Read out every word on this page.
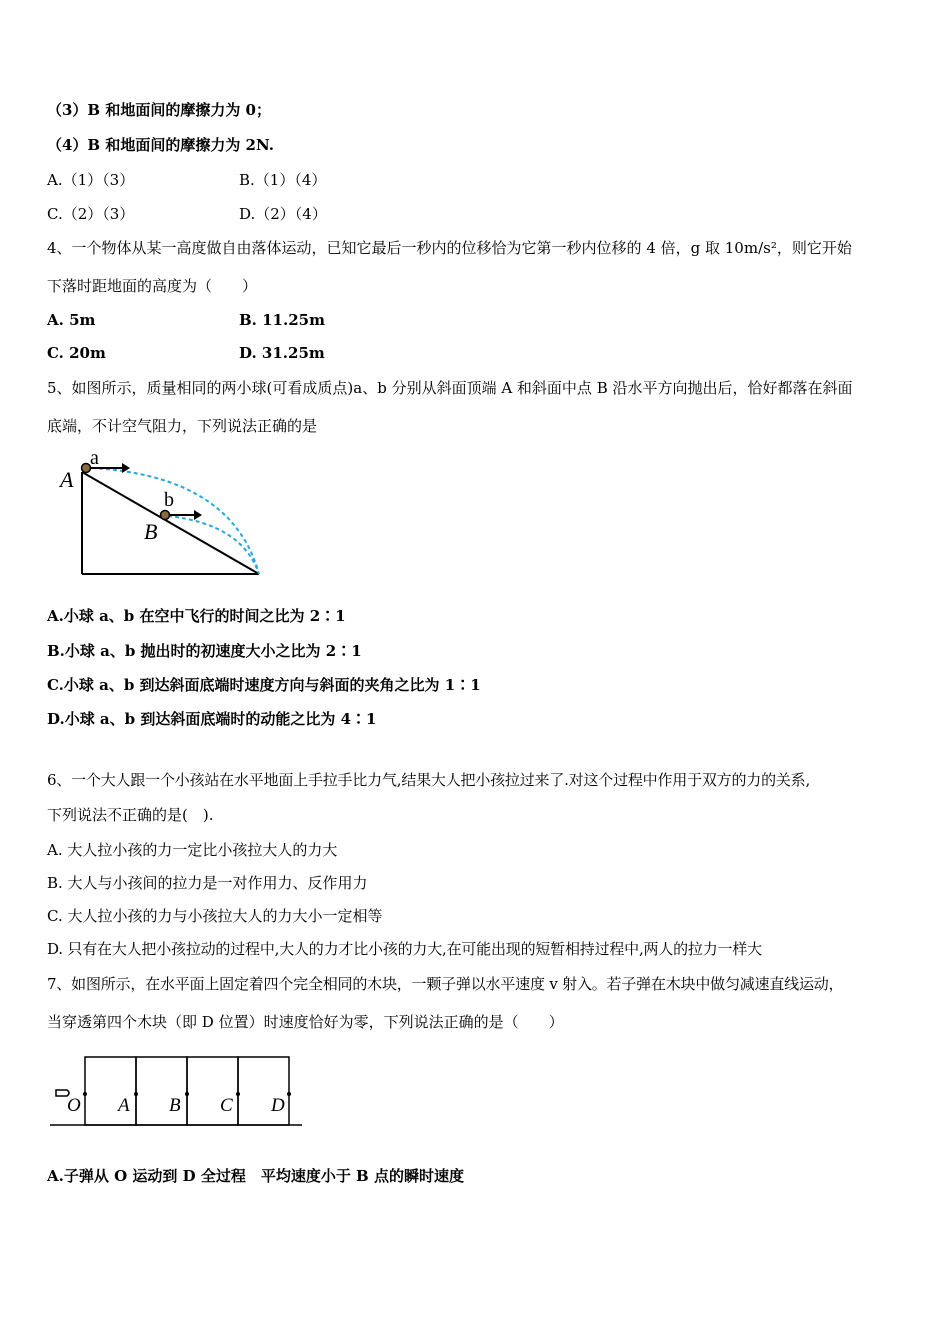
（3）B 和地面间的摩擦力为 0；
（4）B 和地面间的摩擦力为 2N.
A.（1）（3）	B.（1）（4）
C.（2）（3）	D.（2）（4）
4、一个物体从某一高度做自由落体运动，已知它最后一秒内的位移恰为它第一秒内位移的 4 倍，g 取 10m/s²，则它开始
下落时距地面的高度为（　　）
A. 5m	B. 11.25m
C. 20m	D. 31.25m
5、如图所示，质量相同的两小球(可看成质点)a、b 分别从斜面顶端 A 和斜面中点 B 沿水平方向抛出后，恰好都落在斜面
底端，不计空气阻力，下列说法正确的是
a
b
A
B
A.小球 a、b 在空中飞行的时间之比为 2∶1
B.小球 a、b 抛出时的初速度大小之比为 2∶1
C.小球 a、b 到达斜面底端时速度方向与斜面的夹角之比为 1∶1
D.小球 a、b 到达斜面底端时的动能之比为 4∶1
6、一个大人跟一个小孩站在水平地面上手拉手比力气,结果大人把小孩拉过来了.对这个过程中作用于双方的力的关系,
下列说法不正确的是(　).
A. 大人拉小孩的力一定比小孩拉大人的力大
B. 大人与小孩间的拉力是一对作用力、反作用力
C. 大人拉小孩的力与小孩拉大人的力大小一定相等
D. 只有在大人把小孩拉动的过程中,大人的力才比小孩的力大,在可能出现的短暂相持过程中,两人的拉力一样大
7、如图所示，在水平面上固定着四个完全相同的木块，一颗子弹以水平速度 v 射入。若子弹在木块中做匀减速直线运动，
当穿透第四个木块（即 D 位置）时速度恰好为零，下列说法正确的是（　　）
O A B C D
A.子弹从 O 运动到 D 全过程　平均速度小于 B 点的瞬时速度
